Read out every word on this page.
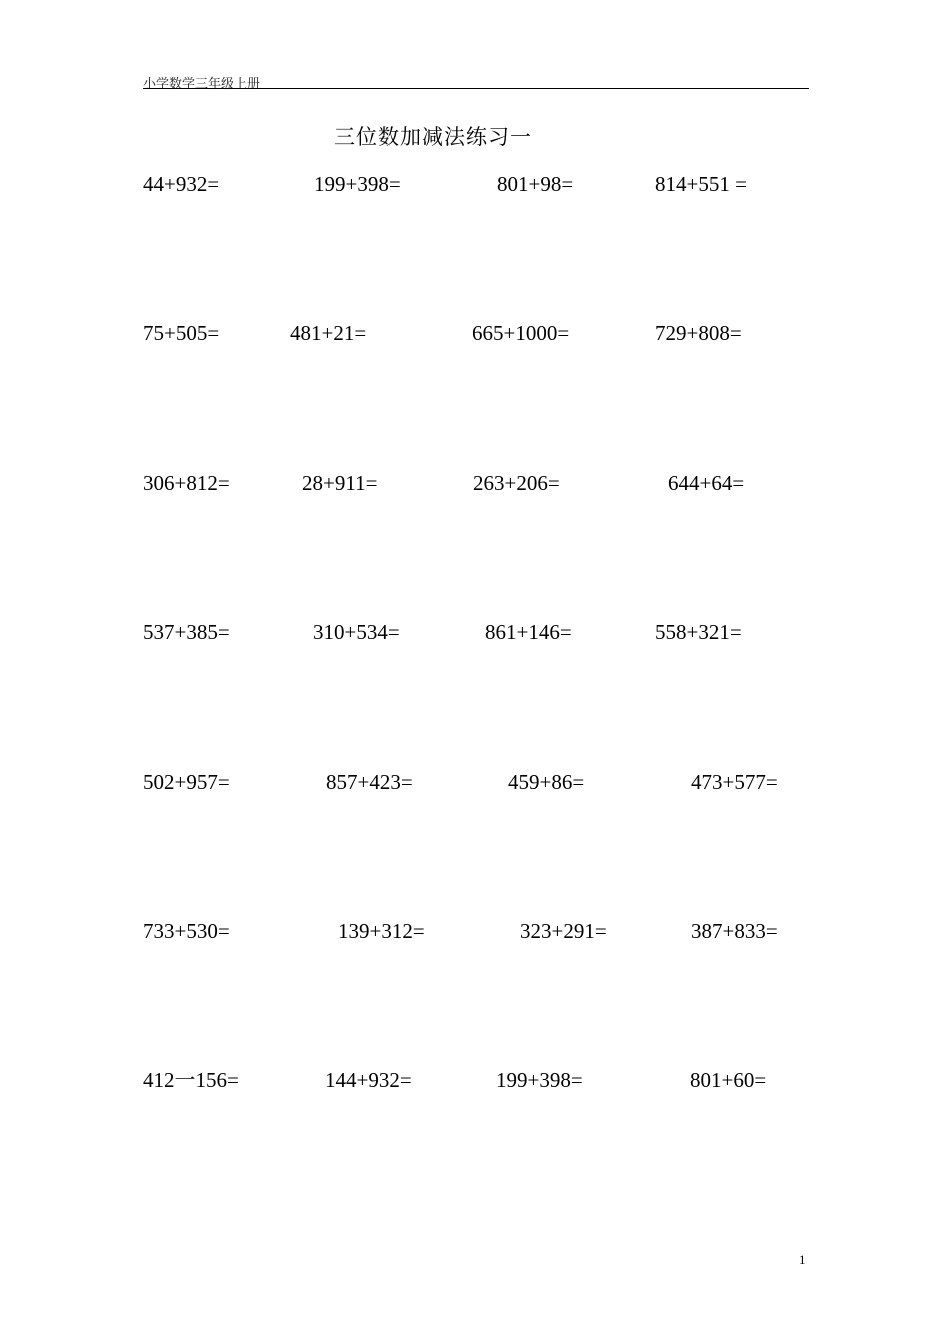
小学数学三年级上册
三位数加减法练习一
44+932=	199+398=	801+98=	814+551 =
75+505=	481+21=	665+1000=	729+808=
306+812=	28+911=	263+206=	644+64=
537+385=	310+534=	861+146=	558+321=
502+957=	857+423=	459+86=	473+577=
733+530=	139+312=	323+291=	387+833=
412一156=	144+932=	199+398=	801+60=
1
